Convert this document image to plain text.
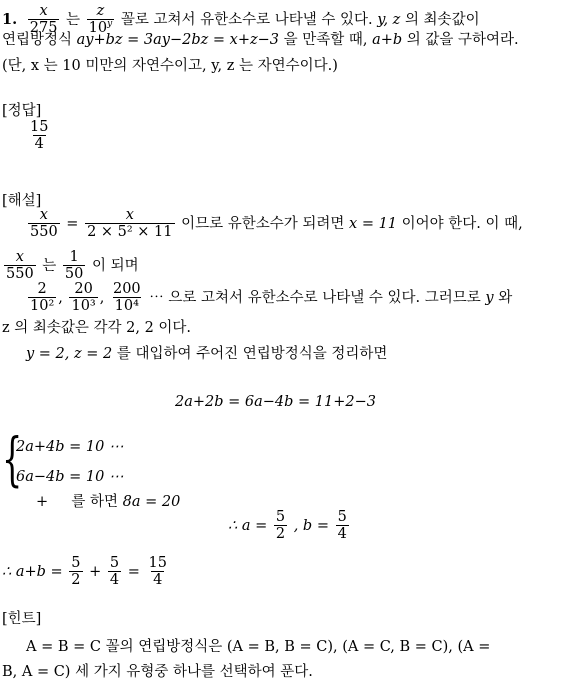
1. $\frac{x}{275}$ 는 $\frac{z}{10^y}$ 꼴로 고쳐서 유한소수로 나타낼 수 있다. y, z 의 최솟값이
연립방정식 ay+bz = 3ay−2bz = x+z−3 을 만족할 때, a+b 의 값을 구하여라.
(단, x 는 10 미만의 자연수이고, y, z 는 자연수이다.)
[정답]
$\frac{15}{4}$
[해설]
$\frac{x}{550} = \frac{x}{\text{2 × 5² × 11}}$ 이므로 유한소수가 되려면 x = 11 이어야 한다. 이 때,
$\frac{x}{550}$ 는 $\frac{1}{50}$ 이 되며
$\frac{2}{\text{10²}}$ , $\frac{20}{\text{10³}}$ , $\frac{200}{\text{10⁴}}$ ⋯ 으로 고쳐서 유한소수로 나타낼 수 있다. 그러므로 y 와
z 의 최솟값은 각각 2, 2 이다.
y = 2, z = 2 를 대입하여 주어진 연립방정식을 정리하면
2a+2b = 6a−4b = 11+2−3
{
2a+4b = 10 ⋯
6a−4b = 10 ⋯
+ 를 하면 8a = 20
∴ $a = \frac{5}{2}$ , $b = \frac{5}{4}$
∴ $a+b = \frac{5}{2} + \frac{5}{4} = \frac{15}{4}$
[힌트]
A = B = C 꼴의 연립방정식은 (A = B, B = C), (A = C, B = C), (A =
B, A = C) 세 가지 유형중 하나를 선택하여 푼다.
